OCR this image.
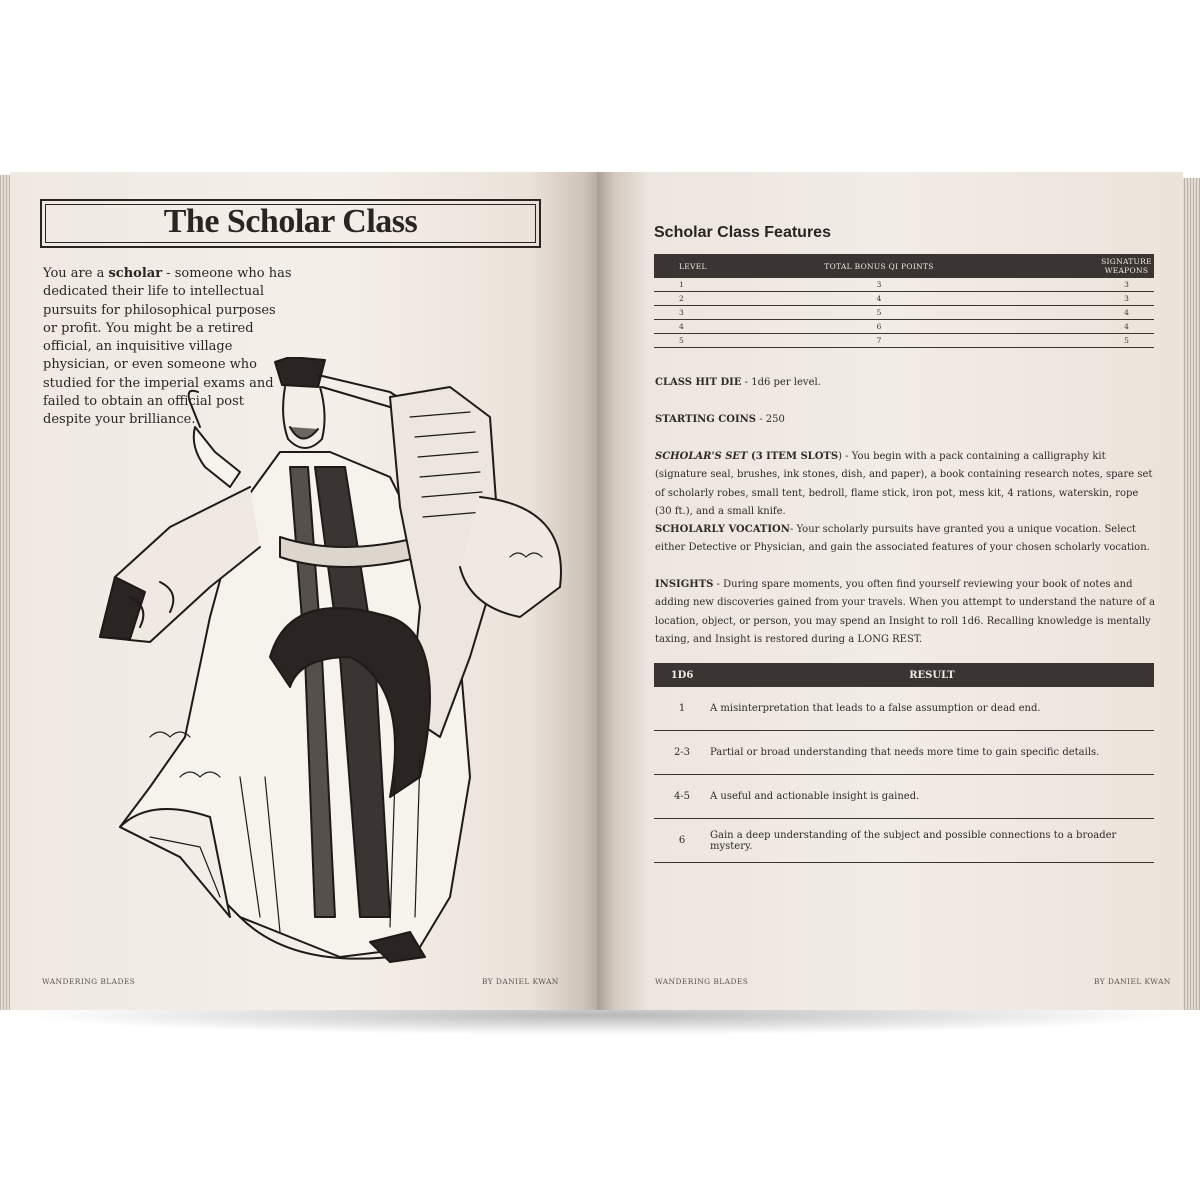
The Scholar Class
You are a scholar - someone who has dedicated their life to intellectual pursuits for philosophical purposes or profit. You might be a retired official, an inquisitive village physician, or even someone who studied for the imperial exams and failed to obtain an official post despite your brilliance.
WANDERING BLADES	BY DANIEL KWAN
Scholar Class Features
LEVEL	TOTAL BONUS QI POINTS	SIGNATURE WEAPONS
1	3	3
2	4	3
3	5	4
4	6	4
5	7	5
CLASS HIT DIE - 1d6 per level.
STARTING COINS - 250
SCHOLAR'S SET (3 ITEM SLOTS) - You begin with a pack containing a calligraphy kit (signature seal, brushes, ink stones, dish, and paper), a book containing research notes, spare set of scholarly robes, small tent, bedroll, flame stick, iron pot, mess kit, 4 rations, waterskin, rope (30 ft.), and a small knife.
SCHOLARLY VOCATION- Your scholarly pursuits have granted you a unique vocation. Select either Detective or Physician, and gain the associated features of your chosen scholarly vocation.
INSIGHTS - During spare moments, you often find yourself reviewing your book of notes and adding new discoveries gained from your travels. When you attempt to understand the nature of a location, object, or person, you may spend an Insight to roll 1d6. Recalling knowledge is mentally taxing, and Insight is restored during a LONG REST.
1D6	RESULT
1	A misinterpretation that leads to a false assumption or dead end.
2-3	Partial or broad understanding that needs more time to gain specific details.
4-5	A useful and actionable insight is gained.
6	Gain a deep understanding of the subject and possible connections to a broader mystery.
WANDERING BLADES	BY DANIEL KWAN
